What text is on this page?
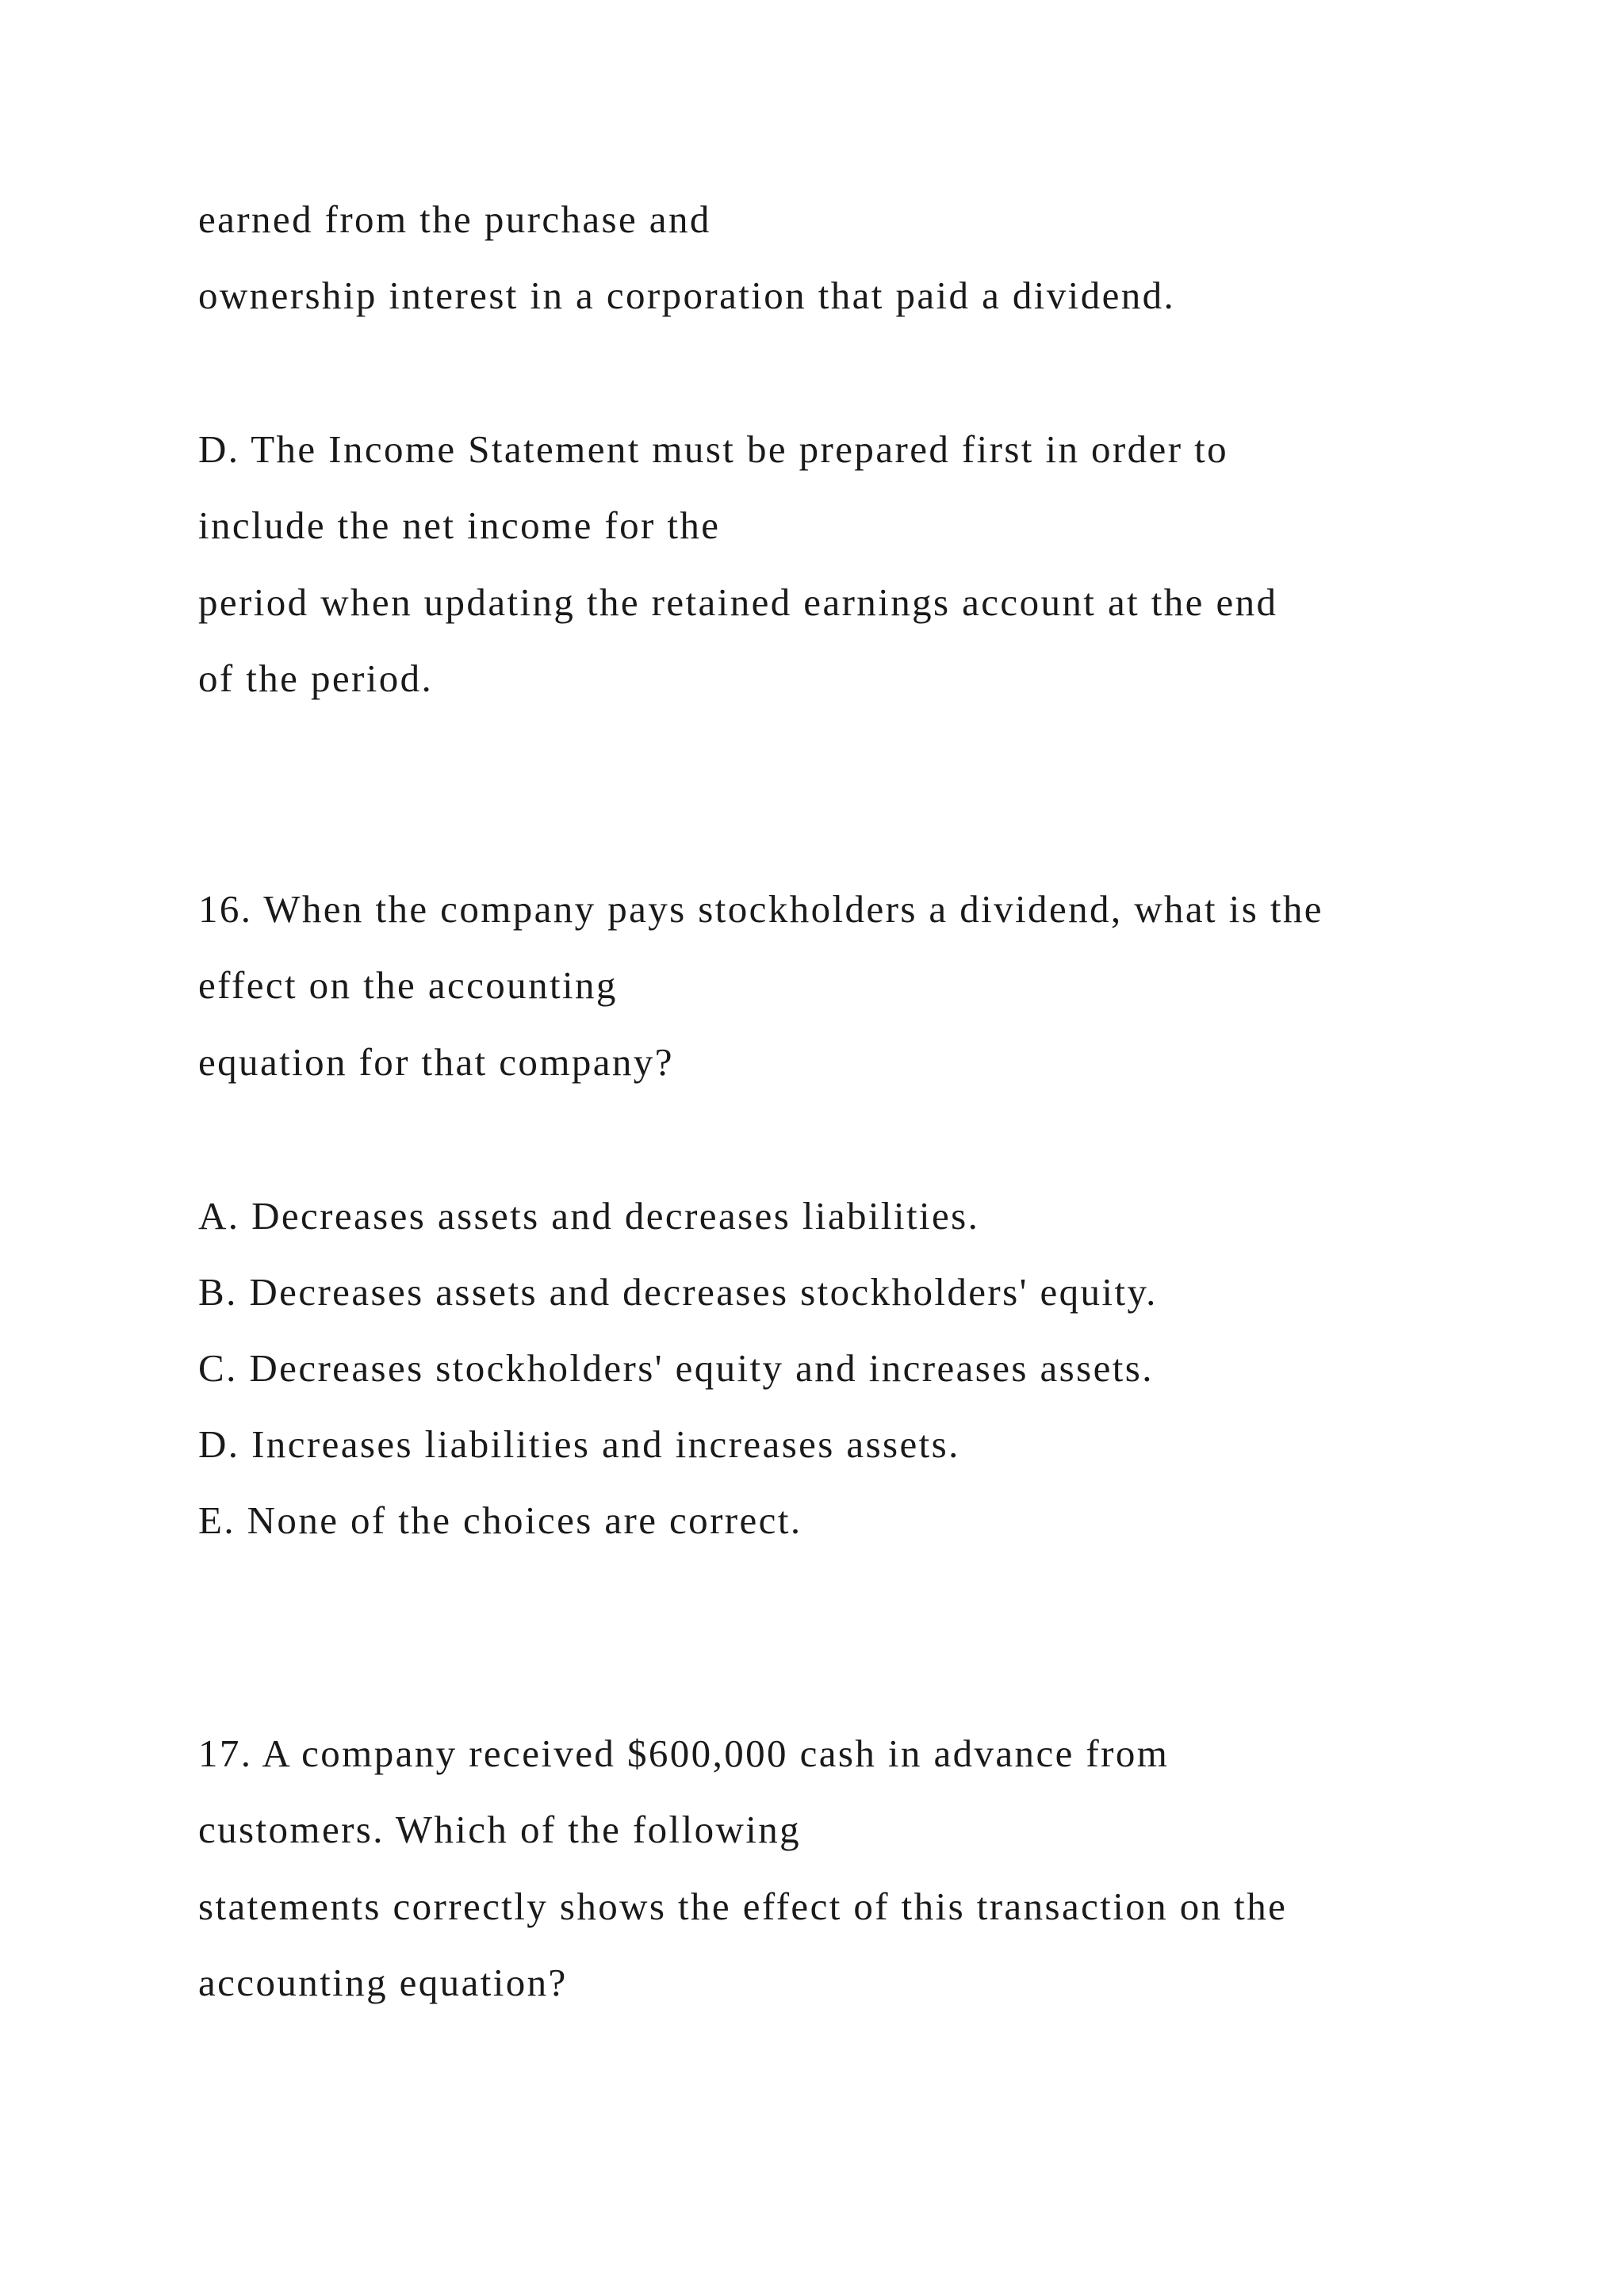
earned from the purchase and
ownership interest in a corporation that paid a dividend.
D. The Income Statement must be prepared first in order to
include the net income for the
period when updating the retained earnings account at the end
of the period.
16. When the company pays stockholders a dividend, what is the
effect on the accounting
equation for that company?
A. Decreases assets and decreases liabilities.
B. Decreases assets and decreases stockholders' equity.
C. Decreases stockholders' equity and increases assets.
D. Increases liabilities and increases assets.
E. None of the choices are correct.
17. A company received $600,000 cash in advance from
customers. Which of the following
statements correctly shows the effect of this transaction on the
accounting equation?
